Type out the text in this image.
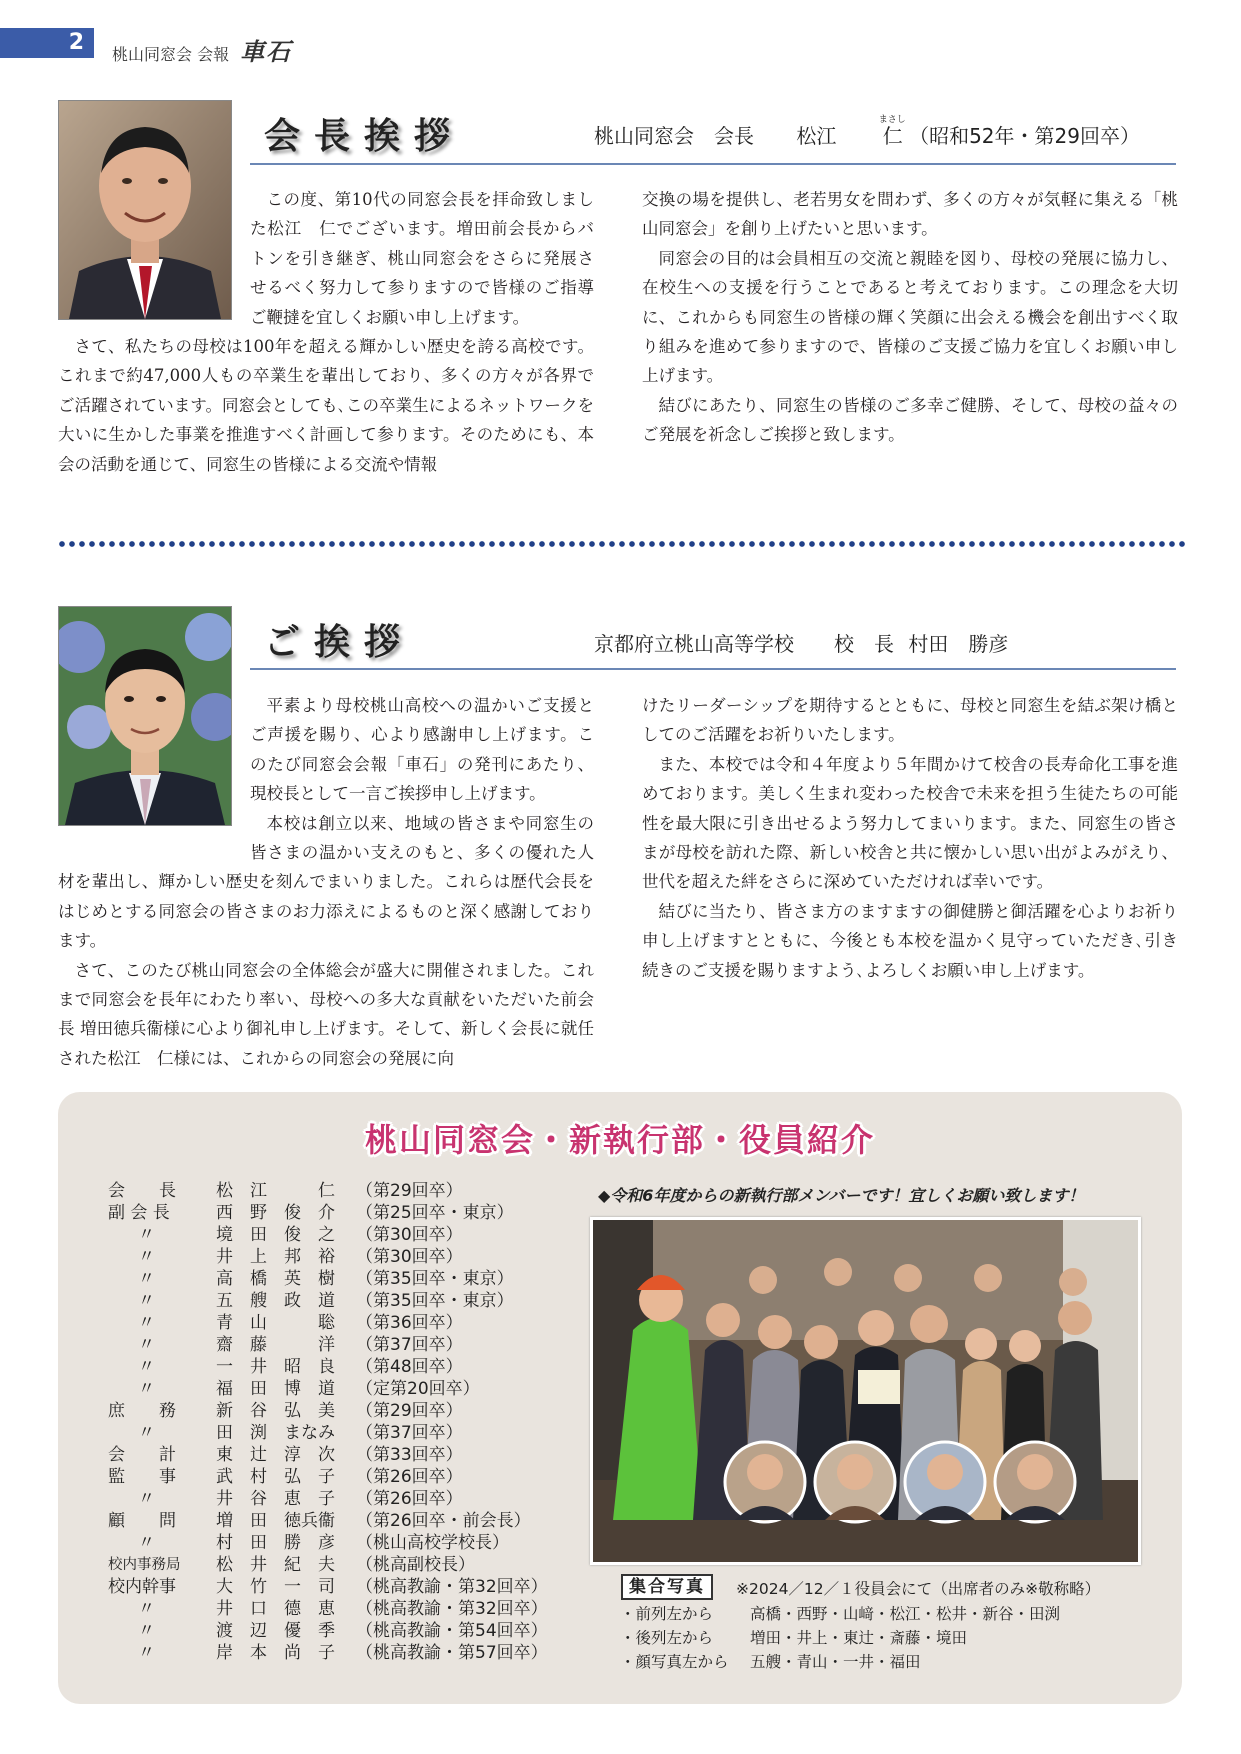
2	桃山同窓会 会報 車石
会長挨拶	桃山同窓会　会長 松江
まさし
仁 （昭和52年・第29回卒）

この度、第10代の同窓会長を拝命致しました松江　仁でございます。増田前会長からバトンを引き継ぎ、桃山同窓会をさらに発展させるべく努力して参りますので皆様のご指導ご鞭撻を宜しくお願い申し上げます。

さて、私たちの母校は100年を超える輝かしい歴史を誇る高校です。これまで約47,000人もの卒業生を輩出しており、多くの方々が各界でご活躍されています。同窓会としても､この卒業生によるネットワークを大いに生かした事業を推進すべく計画して参ります。そのためにも、本会の活動を通じて、同窓生の皆様による交流や情報

交換の場を提供し、老若男女を問わず、多くの方々が気軽に集える「桃山同窓会」を創り上げたいと思います。

同窓会の目的は会員相互の交流と親睦を図り、母校の発展に協力し、在校生への支援を行うことであると考えております。この理念を大切に、これからも同窓生の皆様の輝く笑顔に出会える機会を創出すべく取り組みを進めて参りますので、皆様のご支援ご協力を宜しくお願い申し上げます。

結びにあたり、同窓生の皆様のご多幸ご健勝、そして、母校の益々のご発展を祈念しご挨拶と致します。

ご挨拶	京都府立桃山高等学校　　校　長 村田　勝彦

平素より母校桃山高校への温かいご支援とご声援を賜り、心より感謝申し上げます。このたび同窓会会報「車石」の発刊にあたり、現校長として一言ご挨拶申し上げます。

本校は創立以来、地域の皆さまや同窓生の皆さまの温かい支えのもと、多くの優れた人材を輩出し、輝かしい歴史を刻んでまいりました。これらは歴代会長をはじめとする同窓会の皆さまのお力添えによるものと深く感謝しております。

さて、このたび桃山同窓会の全体総会が盛大に開催されました。これまで同窓会を長年にわたり率い、母校への多大な貢献をいただいた前会長 増田徳兵衞様に心より御礼申し上げます。そして、新しく会長に就任された松江　仁様には、これからの同窓会の発展に向

けたリーダーシップを期待するとともに、母校と同窓生を結ぶ架け橋としてのご活躍をお祈りいたします。

また、本校では令和４年度より５年間かけて校舎の長寿命化工事を進めております。美しく生まれ変わった校舎で未来を担う生徒たちの可能性を最大限に引き出せるよう努力してまいります。また、同窓生の皆さまが母校を訪れた際、新しい校舎と共に懐かしい思い出がよみがえり、世代を超えた絆をさらに深めていただければ幸いです。

結びに当たり、皆さま方のますますの御健勝と御活躍を心よりお祈り申し上げますとともに、今後とも本校を温かく見守っていただき､引き続きのご支援を賜りますよう､よろしくお願い申し上げます。

桃山同窓会・新執行部・役員紹介
会　　長	松　江　　　仁	（第29回卒）
副 会 長	西　野　俊　介	（第25回卒・東京）
〃	境　田　俊　之	（第30回卒）
〃	井　上　邦　裕	（第30回卒）
〃	高　橋　英　樹	（第35回卒・東京）
〃	五　艘　政　道	（第35回卒・東京）
〃	青　山　　　聡	（第36回卒）
〃	齋　藤　　　洋	（第37回卒）
〃	一　井　昭　良	（第48回卒）
〃	福　田　博　道	（定第20回卒）
庶　　務	新　谷　弘　美	（第29回卒）
〃	田　渕　まなみ	（第37回卒）
会　　計	東　辻　淳　次	（第33回卒）
監　　事	武　村　弘　子	（第26回卒）
〃	井　谷　恵　子	（第26回卒）
顧　　問	増　田　徳兵衞	（第26回卒・前会長）
〃	村　田　勝　彦	（桃山高校学校長）
校内事務局	松　井　紀　夫	（桃高副校長）
校内幹事	大　竹　一　司	（桃高教諭・第32回卒）
〃	井　口　德　恵	（桃高教諭・第32回卒）
〃	渡　辺　優　季	（桃高教諭・第54回卒）
〃	岸　本　尚　子	（桃高教諭・第57回卒）
◆令和6年度からの新執行部メンバーです！宜しくお願い致します！
集合写真	※2024／12／１役員会にて（出席者のみ※敬称略）
・前列左から 高橋・西野・山﨑・松江・松井・新谷・田渕
・後列左から 増田・井上・東辻・斎藤・境田
・顔写真左から 五艘・青山・一井・福田
